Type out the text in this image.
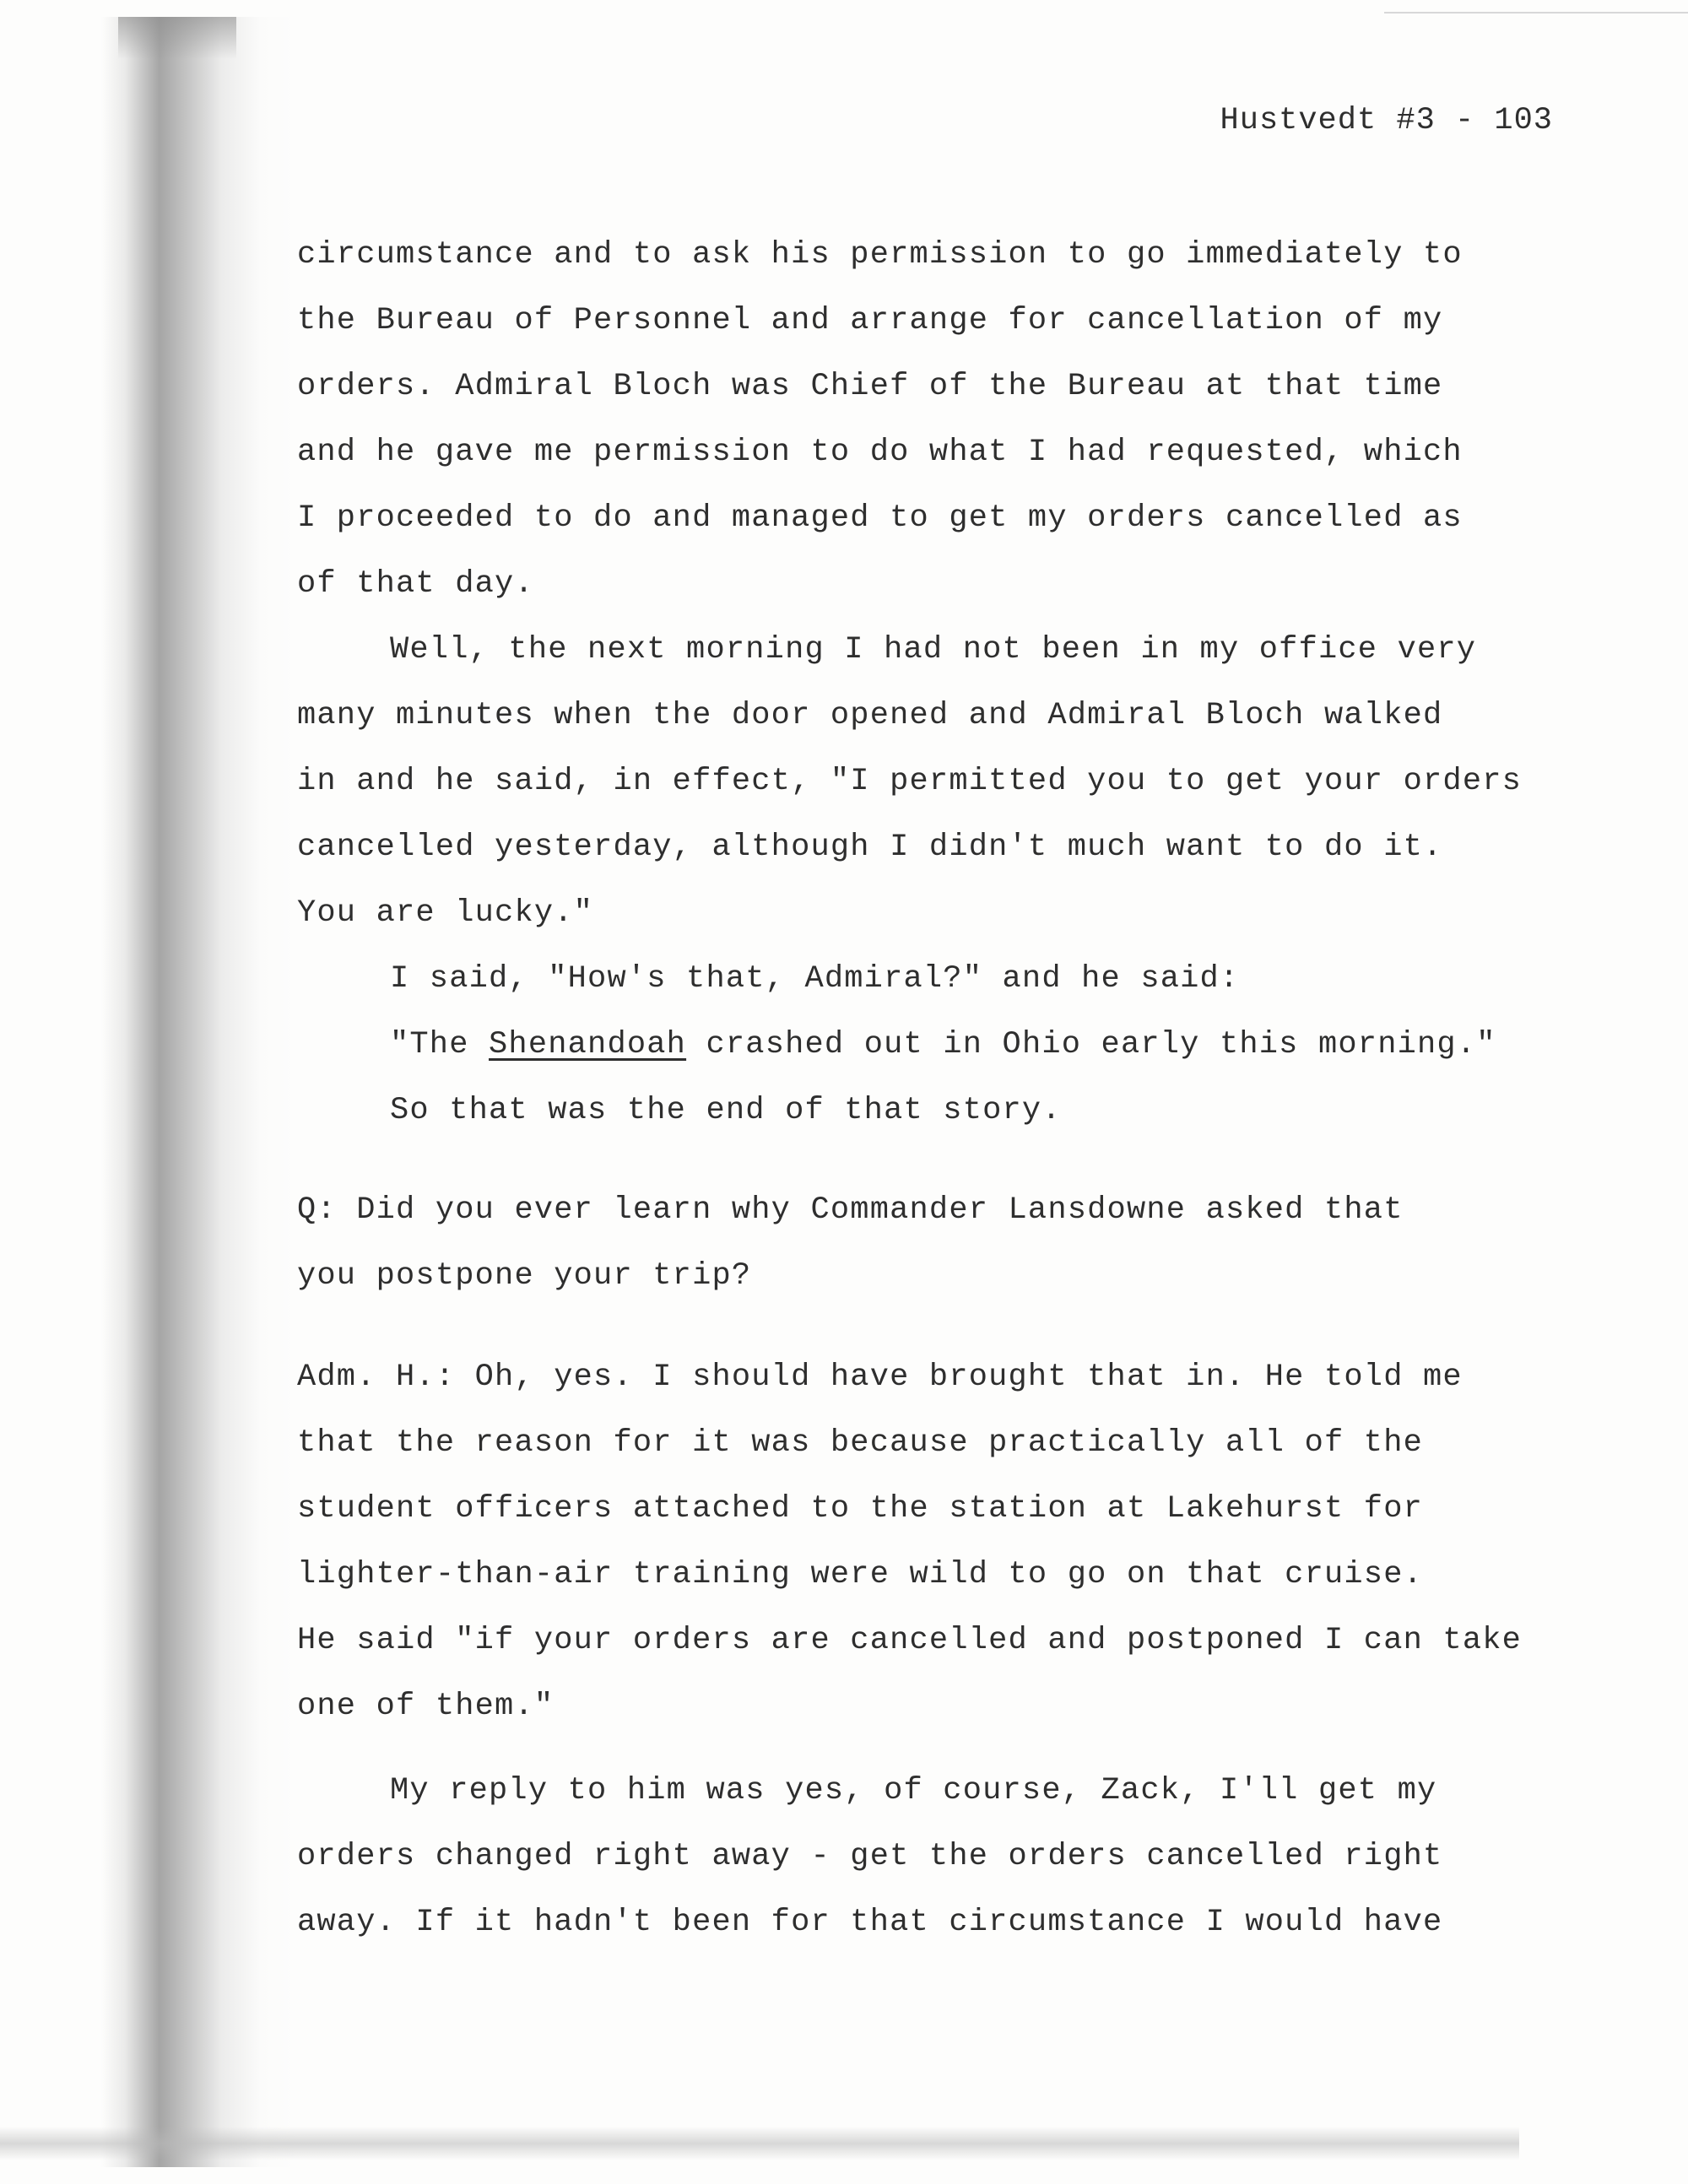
Hustvedt #3 - 103
circumstance and to ask his permission to go immediately to
the Bureau of Personnel and arrange for cancellation of my
orders. Admiral Bloch was Chief of the Bureau at that time
and he gave me permission to do what I had requested, which
I proceeded to do and managed to get my orders cancelled as
of that day.
Well, the next morning I had not been in my office very
many minutes when the door opened and Admiral Bloch walked
in and he said, in effect, "I permitted you to get your orders
cancelled yesterday, although I didn't much want to do it.
You are lucky."
I said, "How's that, Admiral?" and he said:
"The Shenandoah crashed out in Ohio early this morning."
So that was the end of that story.
Q: Did you ever learn why Commander Lansdowne asked that
you postpone your trip?
Adm. H.: Oh, yes. I should have brought that in. He told me
that the reason for it was because practically all of the
student officers attached to the station at Lakehurst for
lighter-than-air training were wild to go on that cruise.
He said "if your orders are cancelled and postponed I can take
one of them."
My reply to him was yes, of course, Zack, I'll get my
orders changed right away - get the orders cancelled right
away. If it hadn't been for that circumstance I would have
